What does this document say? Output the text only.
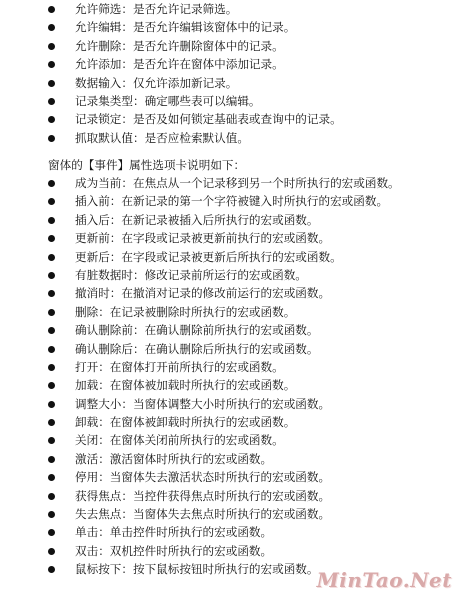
允许筛选：是否允许记录筛选。
允许编辑：是否允许编辑该窗体中的记录。
允许删除：是否允许删除窗体中的记录。
允许添加：是否允许在窗体中添加记录。
数据输入：仅允许添加新记录。
记录集类型：确定哪些表可以编辑。
记录锁定：是否及如何锁定基础表或查询中的记录。
抓取默认值：是否应检索默认值。
窗体的【事件】属性选项卡说明如下：
成为当前：在焦点从一个记录移到另一个时所执行的宏或函数。
插入前：在新记录的第一个字符被键入时所执行的宏或函数。
插入后：在新记录被插入后所执行的宏或函数。
更新前：在字段或记录被更新前执行的宏或函数。
更新后：在字段或记录被更新后所执行的宏或函数。
有脏数据时：修改记录前所运行的宏或函数。
撤消时：在撤消对记录的修改前运行的宏或函数。
删除：在记录被删除时所执行的宏或函数。
确认删除前：在确认删除前所执行的宏或函数。
确认删除后：在确认删除后所执行的宏或函数。
打开：在窗体打开前所执行的宏或函数。
加载：在窗体被加载时所执行的宏或函数。
调整大小：当窗体调整大小时所执行的宏或函数。
卸载：在窗体被卸载时所执行的宏或函数。
关闭：在窗体关闭前所执行的宏或函数。
激活：激活窗体时所执行的宏或函数。
停用：当窗体失去激活状态时所执行的宏或函数。
获得焦点：当控件获得焦点时所执行的宏或函数。
失去焦点：当窗体失去焦点时所执行的宏或函数。
单击：单击控件时所执行的宏或函数。
双击：双机控件时所执行的宏或函数。
鼠标按下：按下鼠标按钮时所执行的宏或函数。
MinTao.Net
